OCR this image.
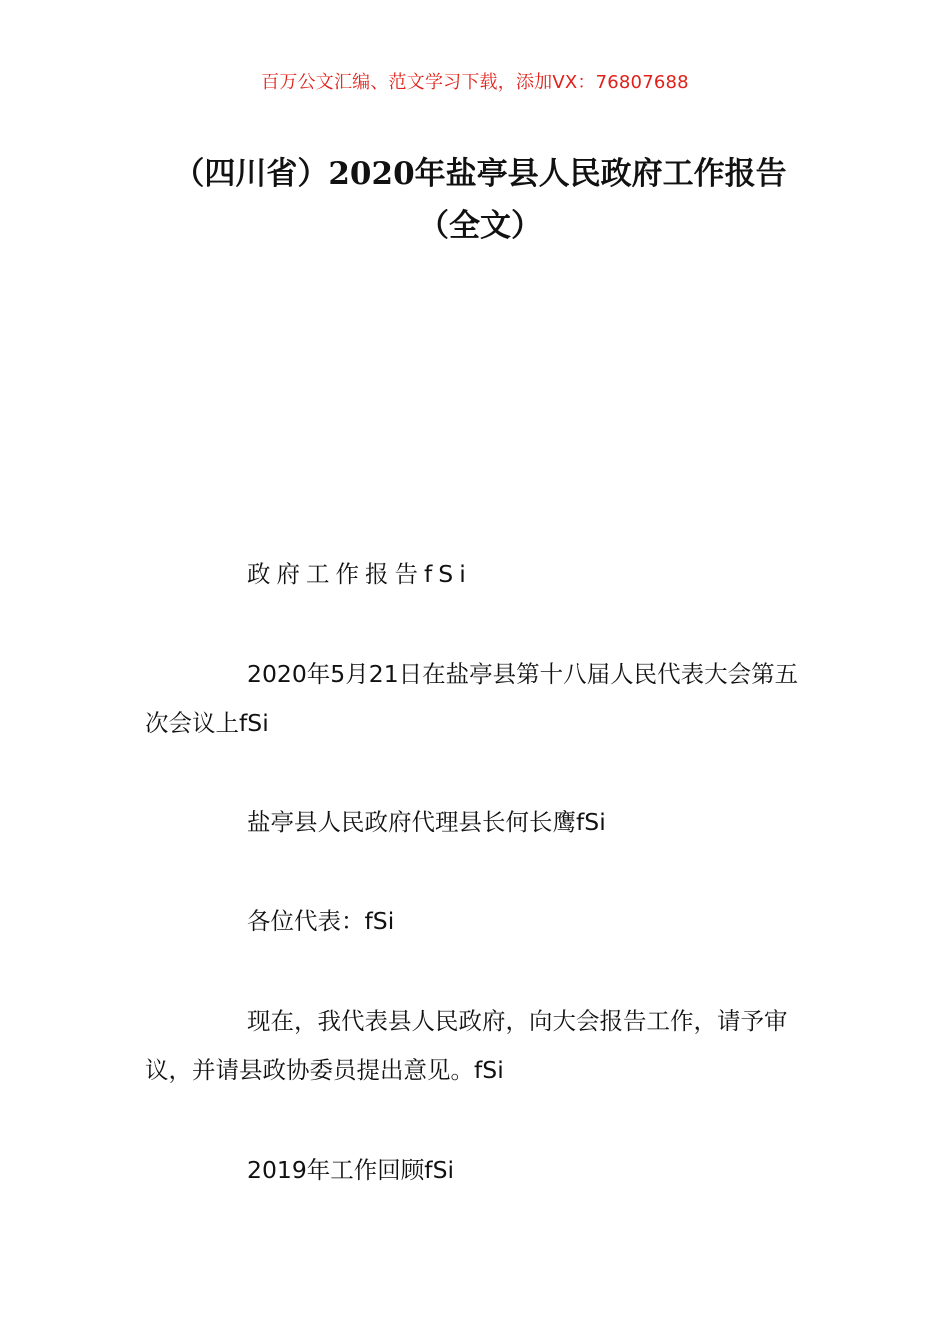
百万公文汇编、范文学习下载，添加VX：76807688
（四川省）2020年盐亭县人民政府工作报告（全文）

政府工作报告fSi

2020年5月21日在盐亭县第十八届人民代表大会第五次会议上fSi

盐亭县人民政府代理县长何长鹰fSi

各位代表：fSi

现在，我代表县人民政府，向大会报告工作，请予审议，并请县政协委员提出意见。fSi

2019年工作回顾fSi
